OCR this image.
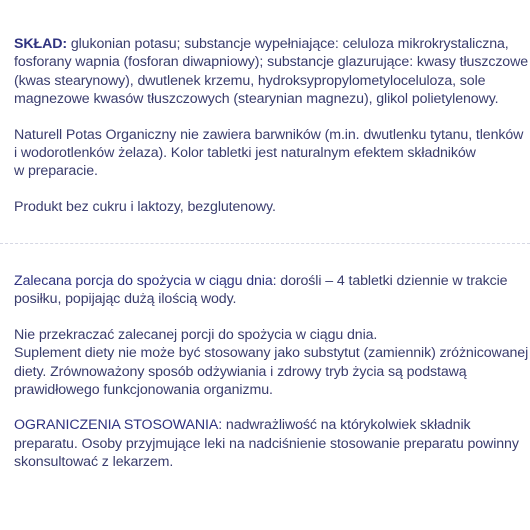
SKŁAD: glukonian potasu; substancje wypełniające: celuloza mikrokrystaliczna,
fosforany wapnia (fosforan diwapniowy); substancje glazurujące: kwasy tłuszczowe
(kwas stearynowy), dwutlenek krzemu, hydroksypropylometyloceluloza, sole
magnezowe kwasów tłuszczowych (stearynian magnezu), glikol polietylenowy.

Naturell Potas Organiczny nie zawiera barwników (m.in. dwutlenku tytanu, tlenków
i wodorotlenków żelaza). Kolor tabletki jest naturalnym efektem składników
w preparacie.

Produkt bez cukru i laktozy, bezglutenowy.

Zalecana porcja do spożycia w ciągu dnia: dorośli – 4 tabletki dziennie w trakcie
posiłku, popijając dużą ilością wody.

Nie przekraczać zalecanej porcji do spożycia w ciągu dnia.
Suplement diety nie może być stosowany jako substytut (zamiennik) zróżnicowanej
diety. Zrównoważony sposób odżywiania i zdrowy tryb życia są podstawą
prawidłowego funkcjonowania organizmu.

OGRANICZENIA STOSOWANIA: nadwrażliwość na którykolwiek składnik
preparatu. Osoby przyjmujące leki na nadciśnienie stosowanie preparatu powinny
skonsultować z lekarzem.
